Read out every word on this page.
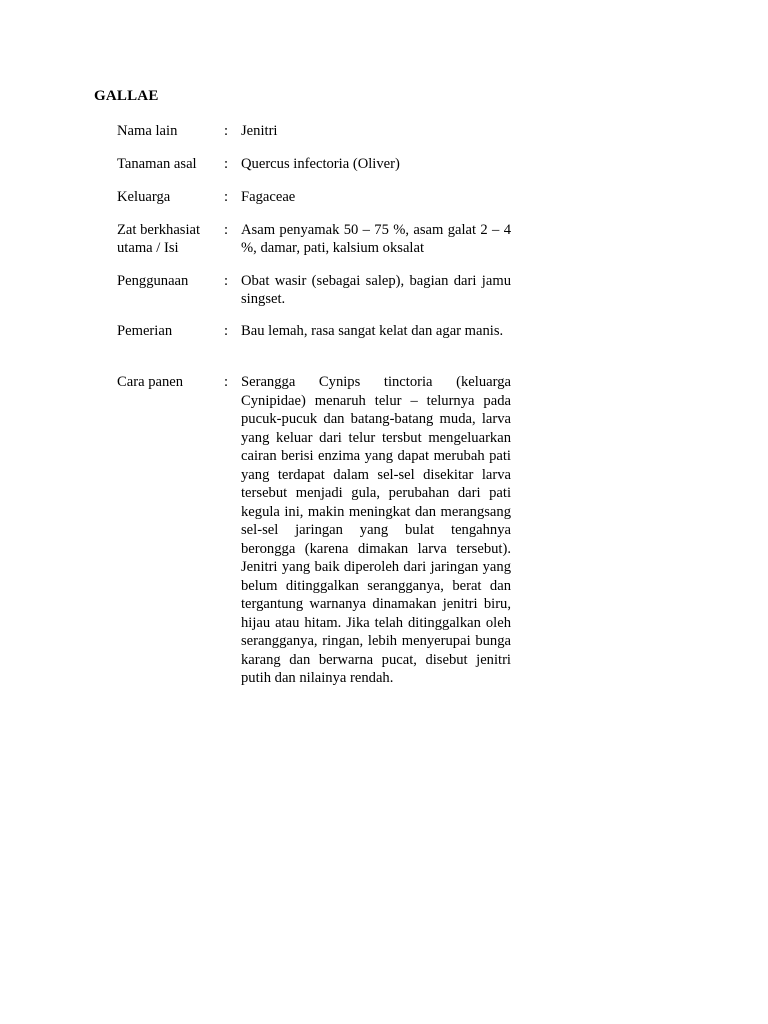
GALLAE
Nama lain	: Jenitri
Tanaman asal	: Quercus infectoria (Oliver)
Keluarga	: Fagaceae
Zat berkhasiat utama / Isi
: Asam penyamak 50 – 75 %, asam galat 2 – 4 %, damar, pati, kalsium oksalat
Penggunaan	: Obat wasir (sebagai salep), bagian dari jamu singset.
Pemerian	: Bau lemah, rasa sangat kelat dan agar manis.
Cara panen	: Serangga Cynips tinctoria (keluarga Cynipidae) menaruh telur – telurnya pada pucuk-pucuk dan batang-batang muda, larva yang keluar dari telur tersbut mengeluarkan cairan berisi enzima yang dapat merubah pati yang terdapat dalam sel-sel disekitar larva tersebut menjadi gula, perubahan dari pati kegula ini, makin meningkat dan merangsang sel-sel jaringan yang bulat tengahnya berongga (karena dimakan larva tersebut). Jenitri yang baik diperoleh dari jaringan yang belum ditinggalkan serangganya, berat dan tergantung warnanya dinamakan jenitri biru, hijau atau hitam. Jika telah ditinggalkan oleh serangganya, ringan, lebih menyerupai bunga karang dan berwarna pucat, disebut jenitri putih dan nilainya rendah.
